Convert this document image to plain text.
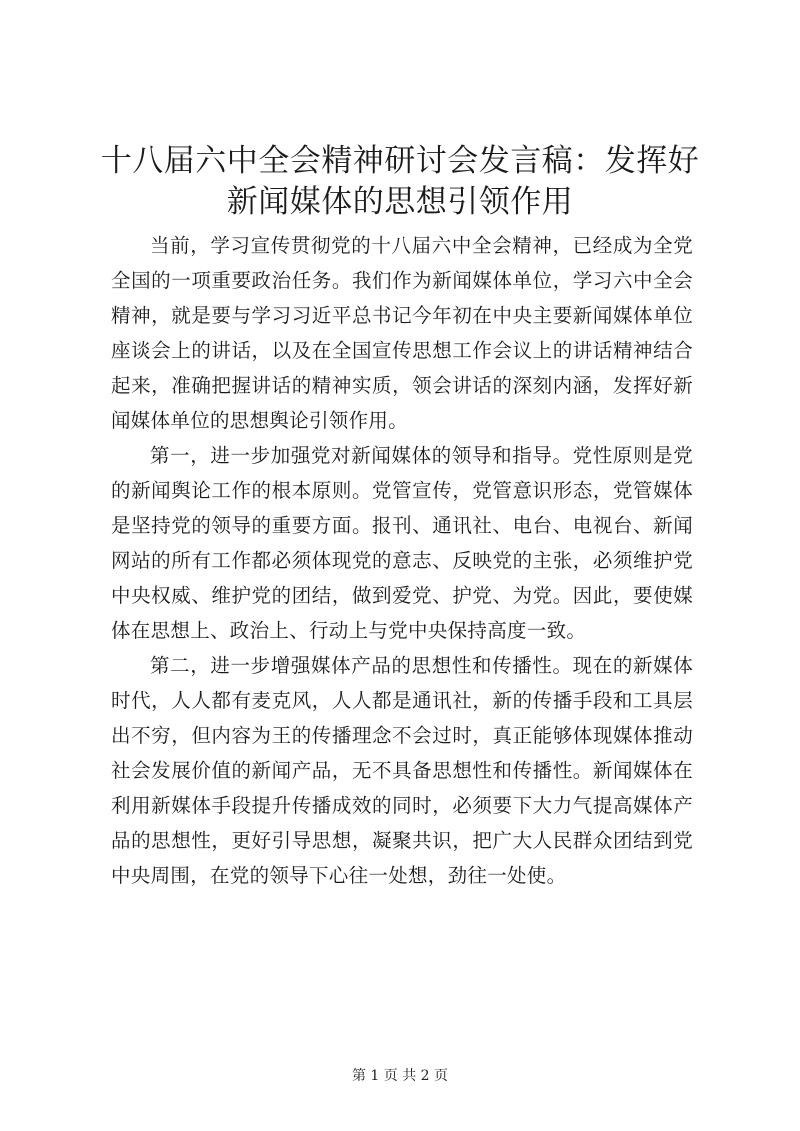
十八届六中全会精神研讨会发言稿：发挥好新闻媒体的思想引领作用

当前，学习宣传贯彻党的十八届六中全会精神，已经成为全党全国的一项重要政治任务。我们作为新闻媒体单位，学习六中全会精神，就是要与学习习近平总书记今年初在中央主要新闻媒体单位座谈会上的讲话，以及在全国宣传思想工作会议上的讲话精神结合起来，准确把握讲话的精神实质，领会讲话的深刻内涵，发挥好新闻媒体单位的思想舆论引领作用。

第一，进一步加强党对新闻媒体的领导和指导。党性原则是党的新闻舆论工作的根本原则。党管宣传，党管意识形态，党管媒体是坚持党的领导的重要方面。报刊、通讯社、电台、电视台、新闻网站的所有工作都必须体现党的意志、反映党的主张，必须维护党中央权威、维护党的团结，做到爱党、护党、为党。因此，要使媒体在思想上、政治上、行动上与党中央保持高度一致。

第二，进一步增强媒体产品的思想性和传播性。现在的新媒体时代，人人都有麦克风，人人都是通讯社，新的传播手段和工具层出不穷，但内容为王的传播理念不会过时，真正能够体现媒体推动社会发展价值的新闻产品，无不具备思想性和传播性。新闻媒体在利用新媒体手段提升传播成效的同时，必须要下大力气提高媒体产品的思想性，更好引导思想，凝聚共识，把广大人民群众团结到党中央周围，在党的领导下心往一处想，劲往一处使。

第 1 页 共 2 页
